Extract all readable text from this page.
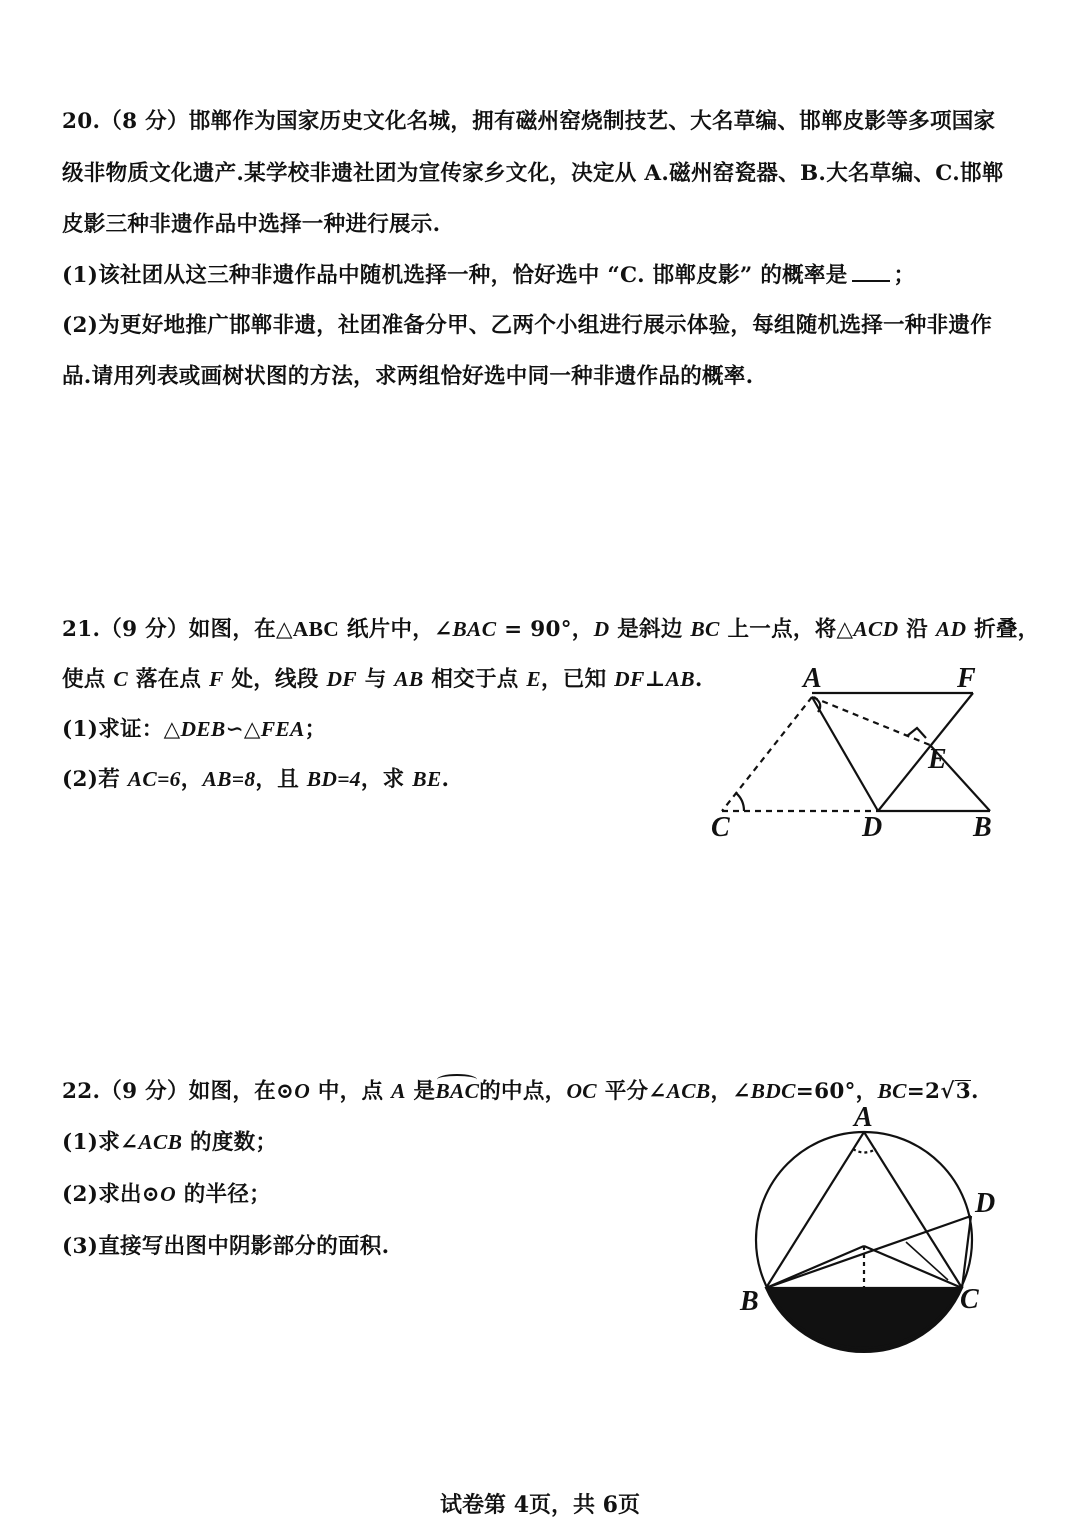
20.（8 分）邯郸作为国家历史文化名城，拥有磁州窑烧制技艺、大名草编、邯郸皮影等多项国家
级非物质文化遗产.某学校非遗社团为宣传家乡文化，决定从 A.磁州窑瓷器、B.大名草编、C.邯郸
皮影三种非遗作品中选择一种进行展示.
(1)该社团从这三种非遗作品中随机选择一种，恰好选中 “C. 邯郸皮影” 的概率是 ；
(2)为更好地推广邯郸非遗，社团准备分甲、乙两个小组进行展示体验，每组随机选择一种非遗作
品.请用列表或画树状图的方法，求两组恰好选中同一种非遗作品的概率.
21.（9 分）如图，在△ABC 纸片中，∠BAC = 90°，D 是斜边 BC 上一点，将△ACD 沿 AD 折叠，
使点 C 落在点 F 处，线段 DF 与 AB 相交于点 E，已知 DF⊥AB.
(1)求证：△DEB∽△FEA；
(2)若 AC=6，AB=8，且 BD=4，求 BE.
A	F
E
C	D	B
22.（9 分）如图，在⊙O 中，点 A 是BAC的中点，OC 平分∠ACB，∠BDC=60°，BC=2√3.
(1)求∠ACB 的度数；
(2)求出⊙O 的半径；
(3)直接写出图中阴影部分的面积.
A
D
B	C
试卷第 4页，共 6页
